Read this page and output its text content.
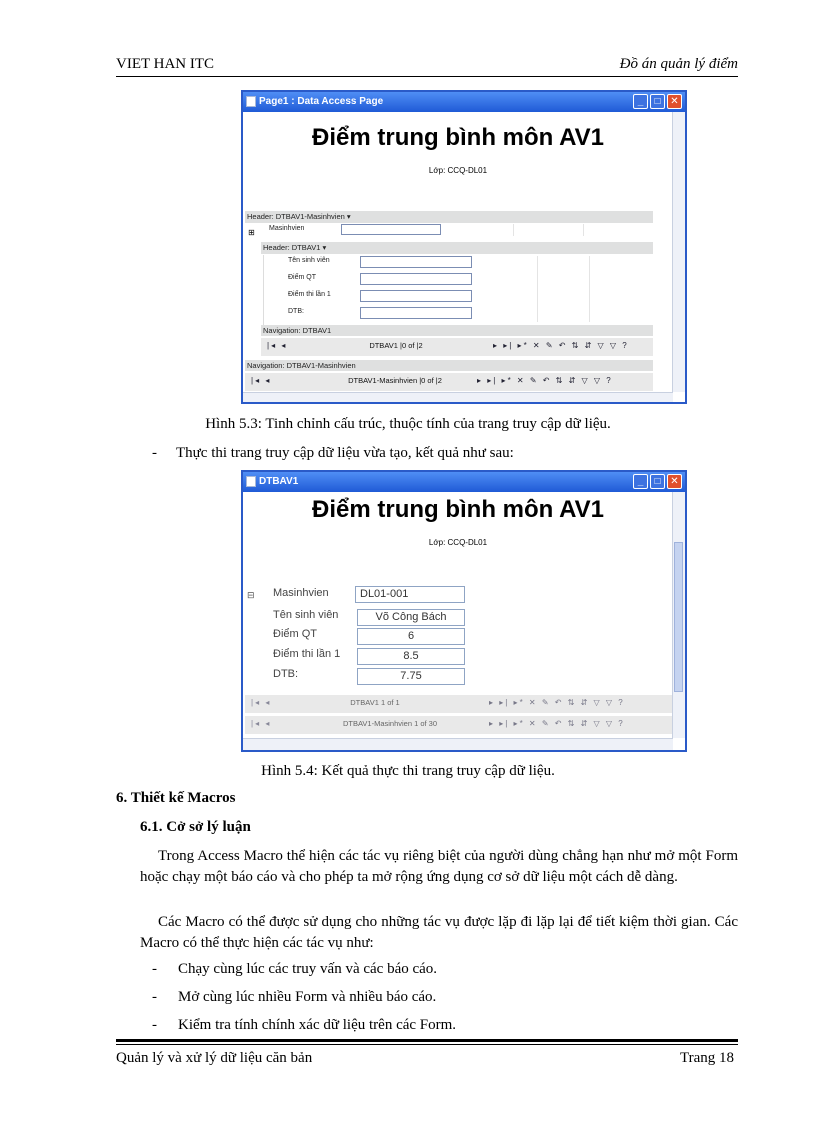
VIET HAN ITC	Đồ án quản lý điểm
Page1 : Data Access Page	_	□ ✕
Điểm trung bình môn AV1
Lớp: CCQ-DL01
Header: DTBAV1-Masinhvien ▾
⊞ Masinhvien
Header: DTBAV1 ▾
Tên sinh viên
Điểm QT
Điểm thi lần 1
DTB:
Navigation: DTBAV1
|◂ ◂	DTBAV1 |0 of |2	▸ ▸| ▸* ✕ ✎ ↶ ⇅ ⇵ ▽ ▽ ?
Navigation: DTBAV1-Masinhvien
|◂ ◂	DTBAV1-Masinhvien |0 of |2	▸ ▸| ▸* ✕ ✎ ↶ ⇅ ⇵ ▽ ▽ ?
Hình 5.3: Tinh chỉnh cấu trúc, thuộc tính của trang truy cập dữ liệu.
- Thực thi trang truy cập dữ liệu vừa tạo, kết quả như sau:
DTBAV1	_	□ ✕
Điểm trung bình môn AV1
Lớp: CCQ-DL01
⊟ Masinhvien	DL01-001
Tên sinh viên	Võ Công Bách
Điểm QT	6
Điểm thi lần 1	8.5
DTB:	7.75
|◂ ◂	DTBAV1 1 of 1	▸ ▸| ▸* ✕ ✎ ↶ ⇅ ⇵ ▽ ▽ ?
|◂ ◂	DTBAV1-Masinhvien 1 of 30	▸ ▸| ▸* ✕ ✎ ↶ ⇅ ⇵ ▽ ▽ ?
Hình 5.4: Kết quả thực thi trang truy cập dữ liệu.
6. Thiết kế Macros
6.1. Cở sở lý luận
Trong Access Macro thể hiện các tác vụ riêng biệt của người dùng chẳng hạn như mở một Form hoặc chạy một báo cáo và cho phép ta mở rộng ứng dụng cơ sở dữ liệu một cách dễ dàng.
Các Macro có thể được sử dụng cho những tác vụ được lặp đi lặp lại để tiết kiệm thời gian. Các Macro có thể thực hiện các tác vụ như:
- Chạy cùng lúc các truy vấn và các báo cáo.
- Mở cùng lúc nhiều Form và nhiều báo cáo.
- Kiểm tra tính chính xác dữ liệu trên các Form.
Quản lý và xử lý dữ liệu căn bản	Trang 18
